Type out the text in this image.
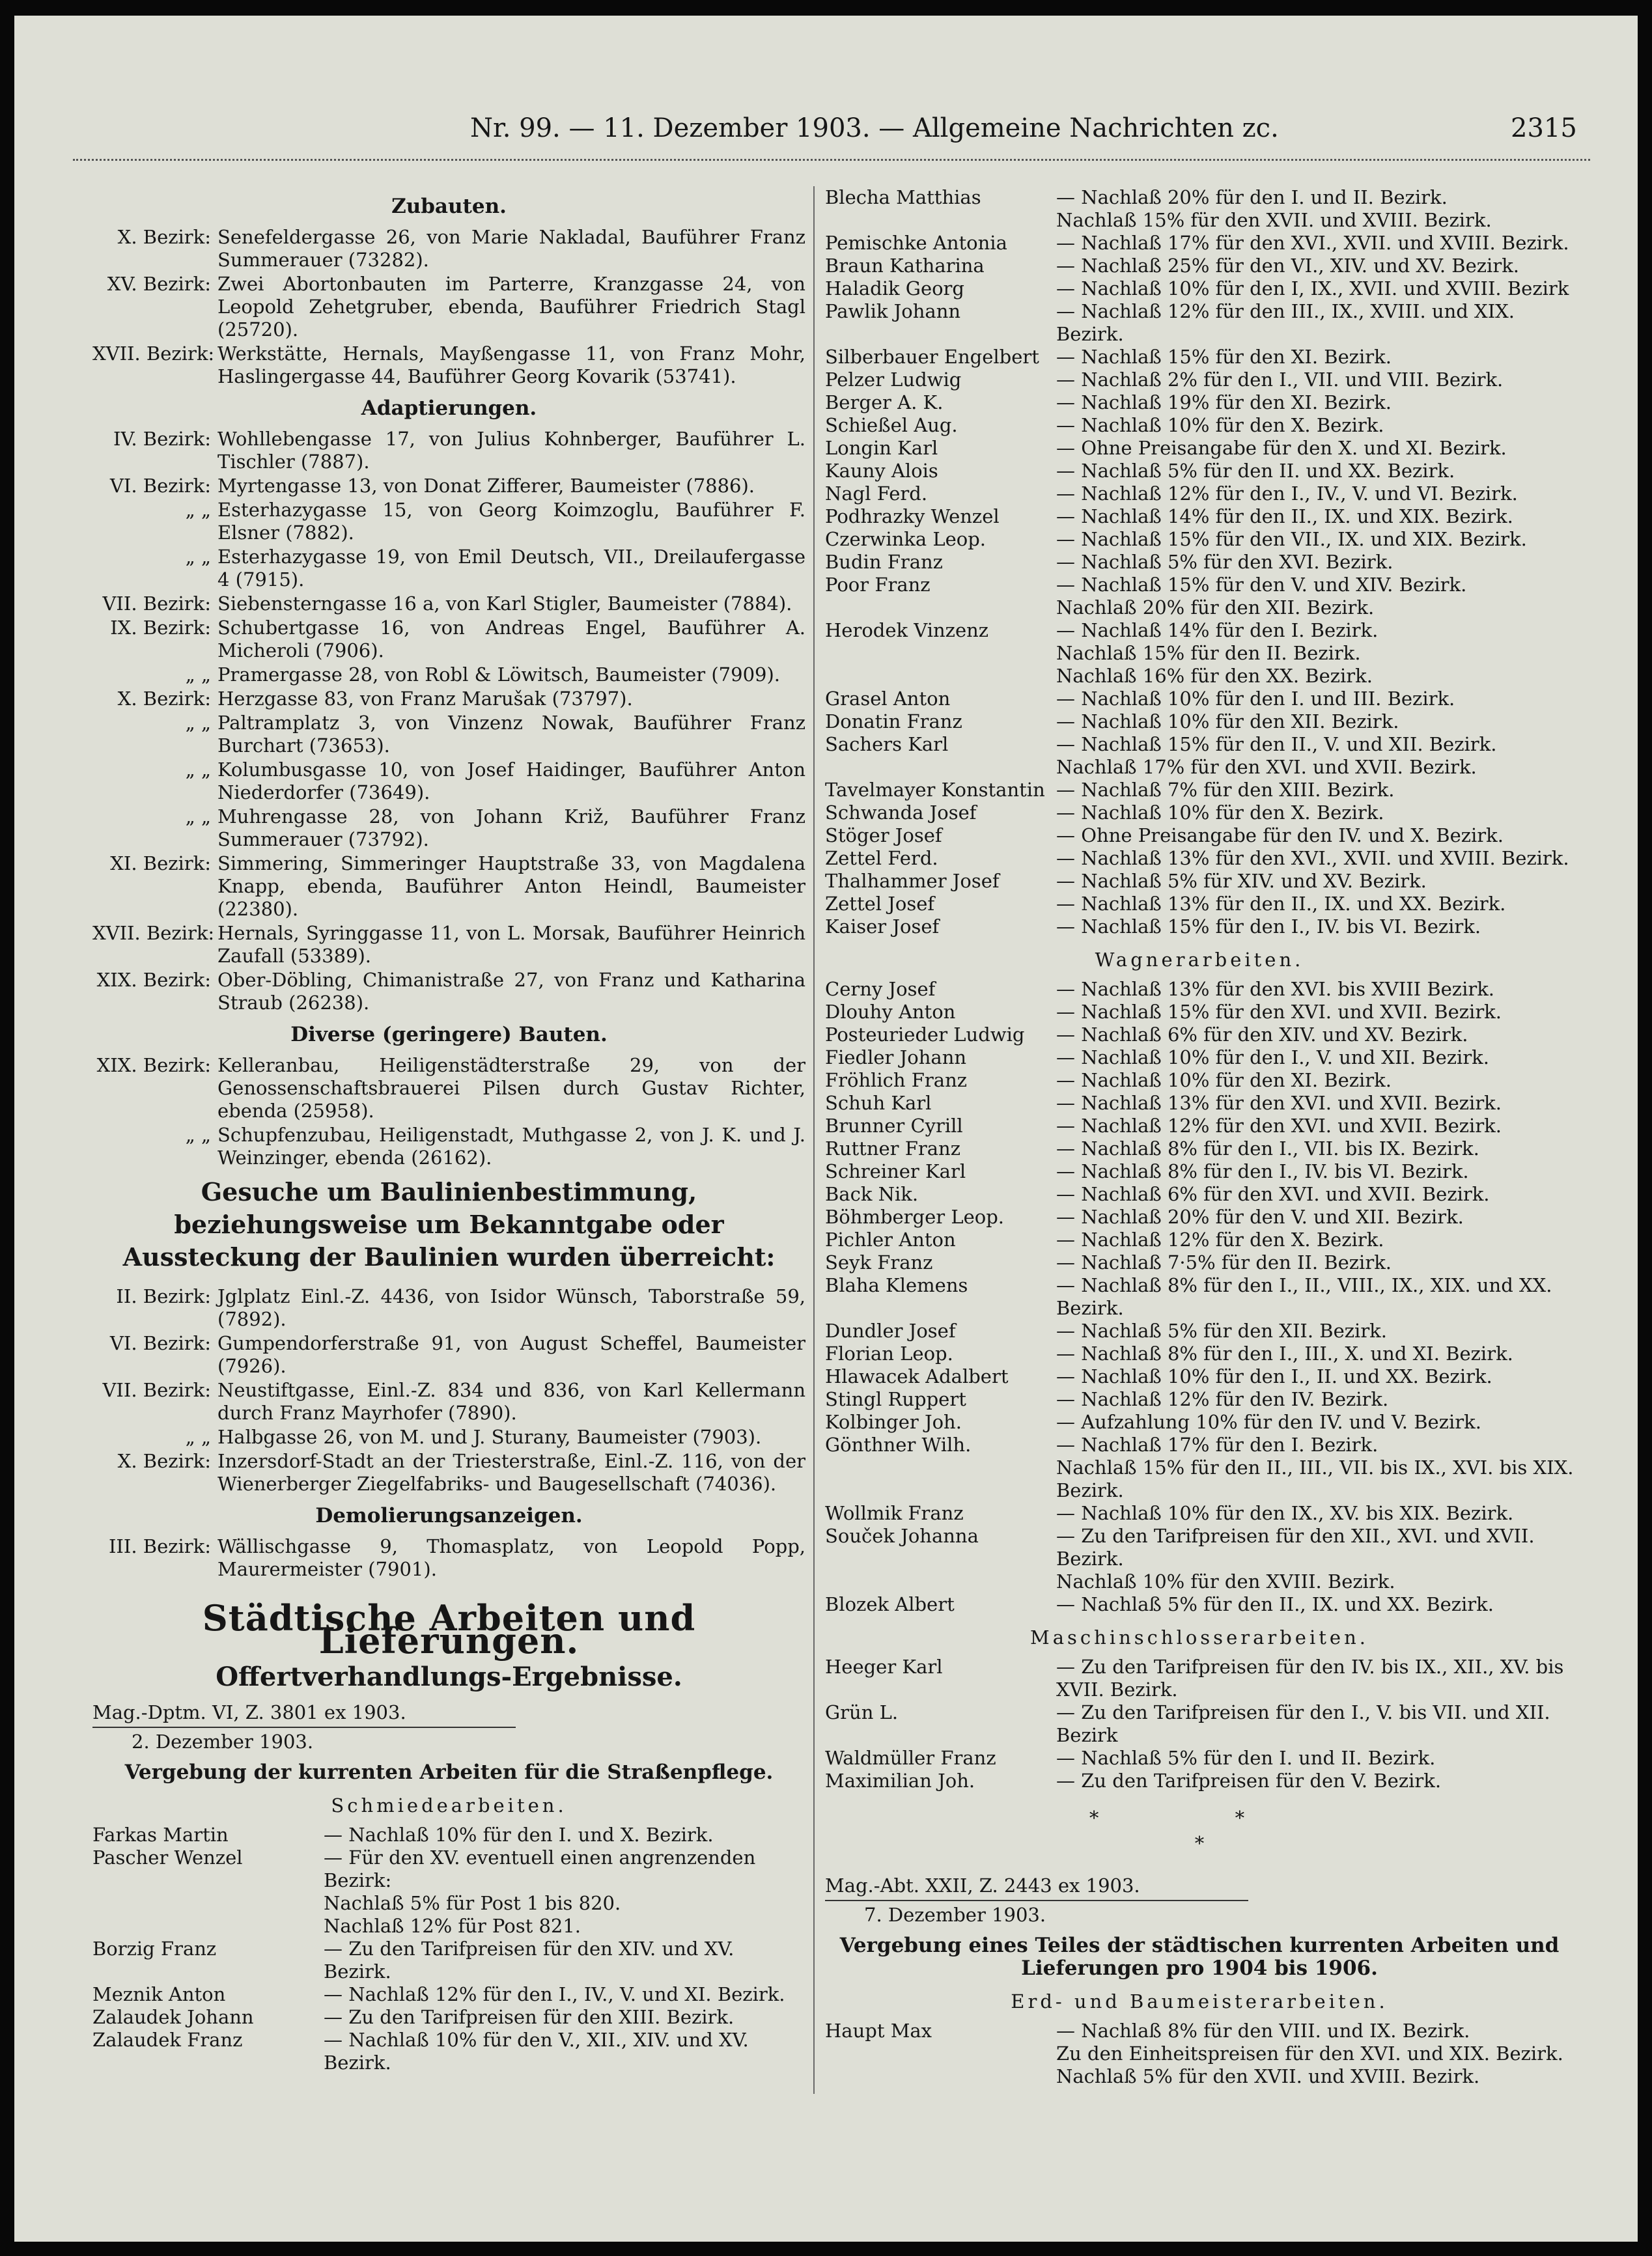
Nr. 99. — 11. Dezember 1903. — Allgemeine Nachrichten zc.	2315
Zubauten.
X. Bezirk: Senefeldergasse 26, von Marie Nakladal, Bauführer Franz Summerauer (73282).
XV. Bezirk: Zwei Abortonbauten im Parterre, Kranzgasse 24, von Leopold Zehetgruber, ebenda, Bauführer Friedrich Stagl (25720).
XVII. Bezirk: Werkstätte, Hernals, Mayßengasse 11, von Franz Mohr, Haslingergasse 44, Bauführer Georg Kovarik (53741).
Adaptierungen.
IV. Bezirk: Wohllebengasse 17, von Julius Kohnberger, Bauführer L. Tischler (7887).
VI. Bezirk: Myrtengasse 13, von Donat Zifferer, Baumeister (7886).
„ „ Esterhazygasse 15, von Georg Koimzoglu, Bauführer F. Elsner (7882).
„ „ Esterhazygasse 19, von Emil Deutsch, VII., Dreilaufergasse 4 (7915).
VII. Bezirk: Siebensterngasse 16 a, von Karl Stigler, Baumeister (7884).
IX. Bezirk: Schubertgasse 16, von Andreas Engel, Bauführer A. Micheroli (7906).
„ „ Pramergasse 28, von Robl & Löwitsch, Baumeister (7909).
X. Bezirk: Herzgasse 83, von Franz Marušak (73797).
„ „ Paltramplatz 3, von Vinzenz Nowak, Bauführer Franz Burchart (73653).
„ „ Kolumbusgasse 10, von Josef Haidinger, Bauführer Anton Niederdorfer (73649).
„ „ Muhrengasse 28, von Johann Križ, Bauführer Franz Summerauer (73792).
XI. Bezirk: Simmering, Simmeringer Hauptstraße 33, von Magdalena Knapp, ebenda, Bauführer Anton Heindl, Baumeister (22380).
XVII. Bezirk: Hernals, Syringgasse 11, von L. Morsak, Bauführer Heinrich Zaufall (53389).
XIX. Bezirk: Ober-Döbling, Chimanistraße 27, von Franz und Katharina Straub (26238).
Diverse (geringere) Bauten.
XIX. Bezirk: Kelleranbau, Heiligenstädterstraße 29, von der Genossenschaftsbrauerei Pilsen durch Gustav Richter, ebenda (25958).
„ „ Schupfenzubau, Heiligenstadt, Muthgasse 2, von J. K. und J. Weinzinger, ebenda (26162).
Gesuche um Baulinienbestimmung, beziehungsweise um Bekanntgabe oder Aussteckung der Baulinien wurden überreicht:
II. Bezirk: Jglplatz Einl.-Z. 4436, von Isidor Wünsch, Taborstraße 59, (7892).
VI. Bezirk: Gumpendorferstraße 91, von August Scheffel, Baumeister (7926).
VII. Bezirk: Neustiftgasse, Einl.-Z. 834 und 836, von Karl Kellermann durch Franz Mayrhofer (7890).
„ „ Halbgasse 26, von M. und J. Sturany, Baumeister (7903).
X. Bezirk: Inzersdorf-Stadt an der Triesterstraße, Einl.-Z. 116, von der Wienerberger Ziegelfabriks- und Baugesellschaft (74036).
Demolierungsanzeigen.
III. Bezirk: Wällischgasse 9, Thomasplatz, von Leopold Popp, Maurermeister (7901).
Städtische Arbeiten und Lieferungen.
Offertverhandlungs-Ergebnisse.
Mag.-Dptm. VI, Z. 3801 ex 1903.
2. Dezember 1903.
Vergebung der kurrenten Arbeiten für die Straßenpflege.
Schmiedearbeiten.
Farkas Martin	— Nachlaß 10% für den I. und X. Bezirk.
Pascher Wenzel	— Für den XV. eventuell einen angrenzenden Bezirk:
Nachlaß 5% für Post 1 bis 820.
Nachlaß 12% für Post 821.
Borzig Franz	— Zu den Tarifpreisen für den XIV. und XV. Bezirk.
Meznik Anton	— Nachlaß 12% für den I., IV., V. und XI. Bezirk.
Zalaudek Johann	— Zu den Tarifpreisen für den XIII. Bezirk.
Zalaudek Franz	— Nachlaß 10% für den V., XII., XIV. und XV. Bezirk.
Blecha Matthias	— Nachlaß 20% für den I. und II. Bezirk.
Nachlaß 15% für den XVII. und XVIII. Bezirk.
Pemischke Antonia	— Nachlaß 17% für den XVI., XVII. und XVIII. Bezirk.
Braun Katharina	— Nachlaß 25% für den VI., XIV. und XV. Bezirk.
Haladik Georg	— Nachlaß 10% für den I, IX., XVII. und XVIII. Bezirk
Pawlik Johann	— Nachlaß 12% für den III., IX., XVIII. und XIX. Bezirk.
Silberbauer Engelbert — Nachlaß 15% für den XI. Bezirk.
Pelzer Ludwig	— Nachlaß 2% für den I., VII. und VIII. Bezirk.
Berger A. K.	— Nachlaß 19% für den XI. Bezirk.
Schießel Aug.	— Nachlaß 10% für den X. Bezirk.
Longin Karl	— Ohne Preisangabe für den X. und XI. Bezirk.
Kauny Alois	— Nachlaß 5% für den II. und XX. Bezirk.
Nagl Ferd.	— Nachlaß 12% für den I., IV., V. und VI. Bezirk.
Podhrazky Wenzel	— Nachlaß 14% für den II., IX. und XIX. Bezirk.
Czerwinka Leop.	— Nachlaß 15% für den VII., IX. und XIX. Bezirk.
Budin Franz	— Nachlaß 5% für den XVI. Bezirk.
Poor Franz	— Nachlaß 15% für den V. und XIV. Bezirk.
Nachlaß 20% für den XII. Bezirk.
Herodek Vinzenz	— Nachlaß 14% für den I. Bezirk.
Nachlaß 15% für den II. Bezirk.
Nachlaß 16% für den XX. Bezirk.
Grasel Anton	— Nachlaß 10% für den I. und III. Bezirk.
Donatin Franz	— Nachlaß 10% für den XII. Bezirk.
Sachers Karl	— Nachlaß 15% für den II., V. und XII. Bezirk.
Nachlaß 17% für den XVI. und XVII. Bezirk.
Tavelmayer Konstantin — Nachlaß 7% für den XIII. Bezirk.
Schwanda Josef	— Nachlaß 10% für den X. Bezirk.
Stöger Josef	— Ohne Preisangabe für den IV. und X. Bezirk.
Zettel Ferd.	— Nachlaß 13% für den XVI., XVII. und XVIII. Bezirk.
Thalhammer Josef	— Nachlaß 5% für XIV. und XV. Bezirk.
Zettel Josef	— Nachlaß 13% für den II., IX. und XX. Bezirk.
Kaiser Josef	— Nachlaß 15% für den I., IV. bis VI. Bezirk.
Wagnerarbeiten.
Cerny Josef	— Nachlaß 13% für den XVI. bis XVIII Bezirk.
Dlouhy Anton	— Nachlaß 15% für den XVI. und XVII. Bezirk.
Posteurieder Ludwig	— Nachlaß 6% für den XIV. und XV. Bezirk.
Fiedler Johann	— Nachlaß 10% für den I., V. und XII. Bezirk.
Fröhlich Franz	— Nachlaß 10% für den XI. Bezirk.
Schuh Karl	— Nachlaß 13% für den XVI. und XVII. Bezirk.
Brunner Cyrill	— Nachlaß 12% für den XVI. und XVII. Bezirk.
Ruttner Franz	— Nachlaß 8% für den I., VII. bis IX. Bezirk.
Schreiner Karl	— Nachlaß 8% für den I., IV. bis VI. Bezirk.
Back Nik.	— Nachlaß 6% für den XVI. und XVII. Bezirk.
Böhmberger Leop.	— Nachlaß 20% für den V. und XII. Bezirk.
Pichler Anton	— Nachlaß 12% für den X. Bezirk.
Seyk Franz	— Nachlaß 7·5% für den II. Bezirk.
Blaha Klemens	— Nachlaß 8% für den I., II., VIII., IX., XIX. und XX. Bezirk.
Dundler Josef	— Nachlaß 5% für den XII. Bezirk.
Florian Leop.	— Nachlaß 8% für den I., III., X. und XI. Bezirk.
Hlawacek Adalbert	— Nachlaß 10% für den I., II. und XX. Bezirk.
Stingl Ruppert	— Nachlaß 12% für den IV. Bezirk.
Kolbinger Joh.	— Aufzahlung 10% für den IV. und V. Bezirk.
Gönthner Wilh.	— Nachlaß 17% für den I. Bezirk.
Nachlaß 15% für den II., III., VII. bis IX., XVI. bis XIX. Bezirk.
Wollmik Franz	— Nachlaß 10% für den IX., XV. bis XIX. Bezirk.
Souček Johanna	— Zu den Tarifpreisen für den XII., XVI. und XVII. Bezirk.
Nachlaß 10% für den XVIII. Bezirk.
Blozek Albert	— Nachlaß 5% für den II., IX. und XX. Bezirk.
Maschinschlosserarbeiten.
Heeger Karl	— Zu den Tarifpreisen für den IV. bis IX., XII., XV. bis XVII. Bezirk.
Grün L.	— Zu den Tarifpreisen für den I., V. bis VII. und XII. Bezirk
Waldmüller Franz	— Nachlaß 5% für den I. und II. Bezirk.
Maximilian Joh.	— Zu den Tarifpreisen für den V. Bezirk.
* *
*
Mag.-Abt. XXII, Z. 2443 ex 1903.
7. Dezember 1903.
Vergebung eines Teiles der städtischen kurrenten Arbeiten und Lieferungen pro 1904 bis 1906.
Erd- und Baumeisterarbeiten.
Haupt Max	— Nachlaß 8% für den VIII. und IX. Bezirk.
Zu den Einheitspreisen für den XVI. und XIX. Bezirk.
Nachlaß 5% für den XVII. und XVIII. Bezirk.
